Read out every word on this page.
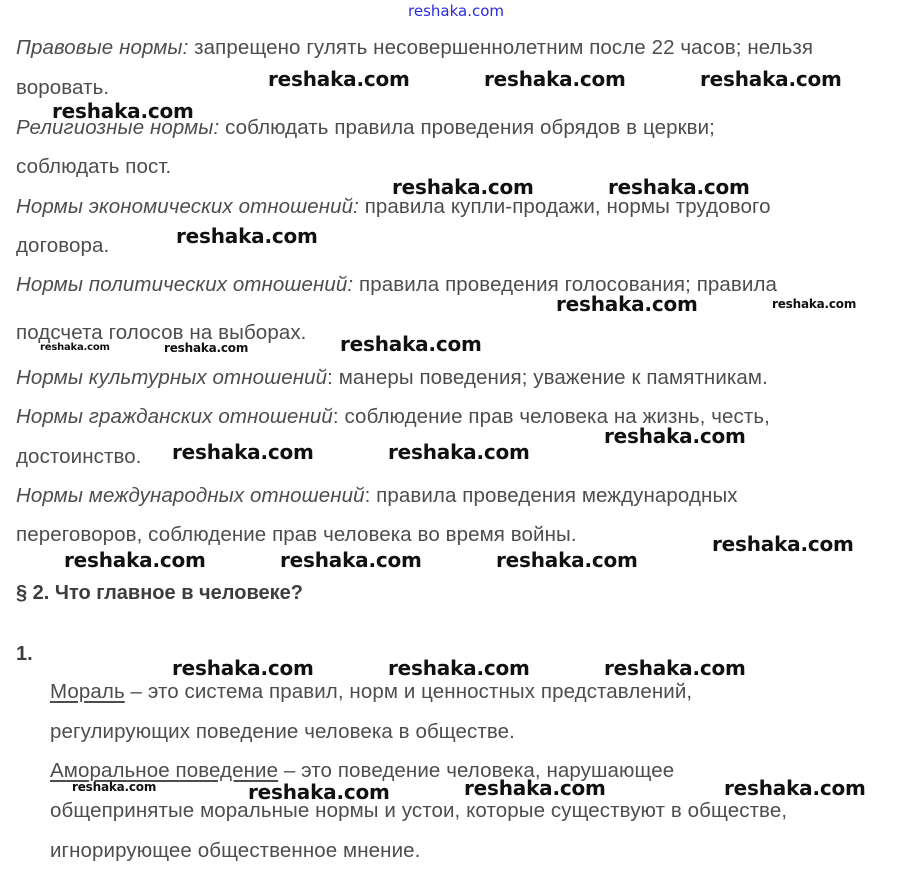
reshaka.com
Правовые нормы: запрещено гулять несовершеннолетним после 22 часов; нельзя
воровать.
Религиозные нормы: соблюдать правила проведения обрядов в церкви;
соблюдать пост.
Нормы экономических отношений: правила купли-продажи, нормы трудового
договора.
Нормы политических отношений: правила проведения голосования; правила
подсчета голосов на выборах.
Нормы культурных отношений: манеры поведения; уважение к памятникам.
Нормы гражданских отношений: соблюдение прав человека на жизнь, честь,
достоинство.
Нормы международных отношений: правила проведения международных
переговоров, соблюдение прав человека во время войны.
§ 2. Что главное в человеке?
1.
Мораль – это система правил, норм и ценностных представлений,
регулирующих поведение человека в обществе.
Аморальное поведение – это поведение человека, нарушающее
общепринятые моральные нормы и устои, которые существуют в обществе,
игнорирующее общественное мнение.
reshaka.com	reshaka.com	reshaka.com
reshaka.com
reshaka.com	reshaka.com
reshaka.com
reshaka.com	reshaka.com
reshaka.com	reshaka.com	reshaka.com
reshaka.com
reshaka.com	reshaka.com
reshaka.com
reshaka.com	reshaka.com	reshaka.com
reshaka.com	reshaka.com	reshaka.com
reshaka.com	reshaka.com	reshaka.com	reshaka.com
